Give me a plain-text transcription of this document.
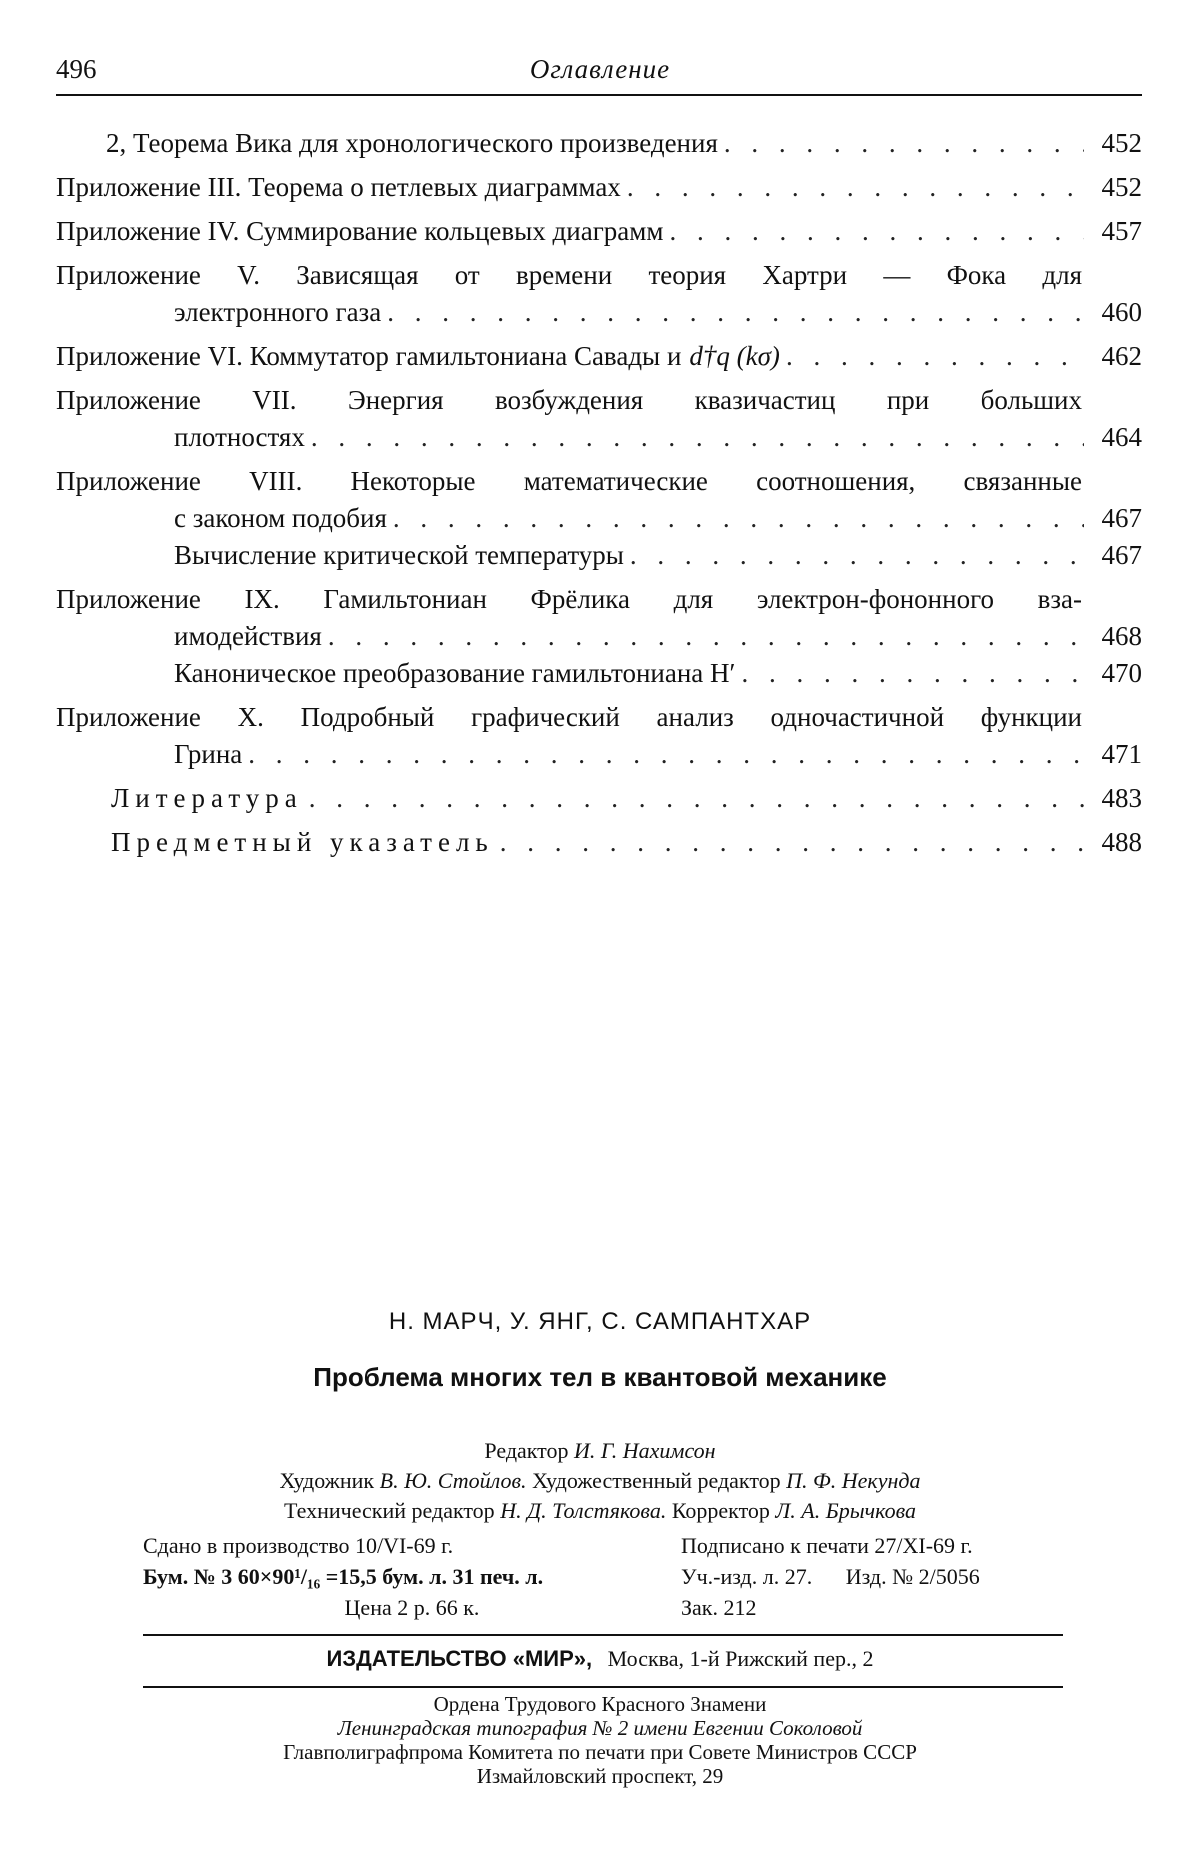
496	Оглавление
2, Теорема Вика для хронологического произведения . . .	452
Приложение III. Теорема о петлевых диаграммах . . .	452
Приложение IV. Суммирование кольцевых диаграмм . . .	457
Приложение V. Зависящая от времени теория Хартри — Фока для
электронного газа . . .	460
Приложение VI. Коммутатор гамильтониана Савады и d†q (kσ) . . .	462
Приложение VII. Энергия возбуждения квазичастиц при больших
плотностях . . .	464
Приложение VIII. Некоторые математические соотношения, связанные
с законом подобия . . .	467
Вычисление критической температуры . . .	467
Приложение IX. Гамильтониан Фрёлика для электрон-фононного вза-
имодействия . . .	468
Каноническое преобразование гамильтониана H′ . . .	470
Приложение X. Подробный графический анализ одночастичной функции
Грина . . .	471
Литература . . .	483
Предметный указатель . . .	488
Н. МАРЧ, У. ЯНГ, С. САМПАНТХАР
Проблема многих тел в квантовой механике
Редактор И. Г. Нахимсон
Художник В. Ю. Стойлов. Художественный редактор П. Ф. Некунда
Технический редактор Н. Д. Толстякова. Корректор Л. А. Брычкова
Сдано в производство 10/VI-69 г.	Подписано к печати 27/XI-69 г.
Бум. № 3 60×90¹/₁₆ =15,5 бум. л. 31 печ. л.	Уч.-изд. л. 27. Изд. № 2/5056
Цена 2 р. 66 к.	Зак. 212
ИЗДАТЕЛЬСТВО «МИР», Москва, 1-й Рижский пер., 2
Ордена Трудового Красного Знамени
Ленинградская типография № 2 имени Евгении Соколовой
Главполиграфпрома Комитета по печати при Совете Министров СССР
Измайловский проспект, 29
